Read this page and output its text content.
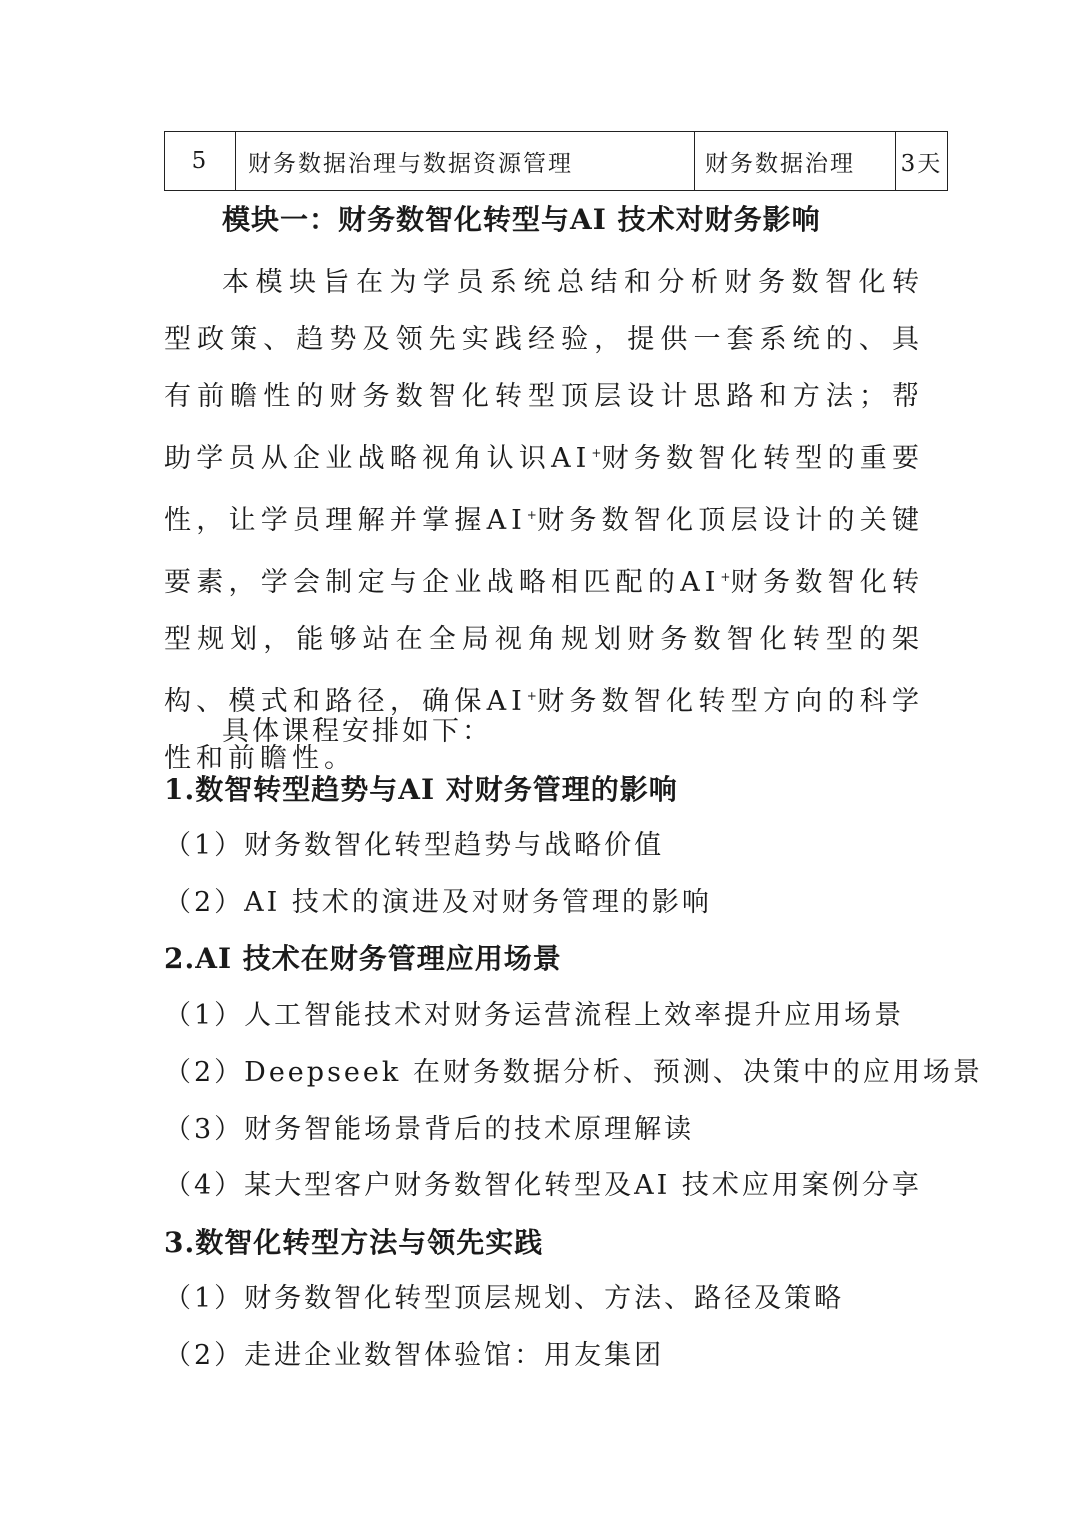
5	财务数据治理与数据资源管理	财务数据治理	3天
模块一：财务数智化转型与AI 技术对财务影响

本模块旨在为学员系统总结和分析财务数智化转型政策、趋势及领先实践经验，提供一套系统的、具有前瞻性的财务数智化转型顶层设计思路和方法；帮助学员从企业战略视角认识AI+财务数智化转型的重要性，让学员理解并掌握AI+财务数智化顶层设计的关键要素，学会制定与企业战略相匹配的AI+财务数智化转型规划，能够站在全局视角规划财务数智化转型的架构、模式和路径，确保AI+财务数智化转型方向的科学性和前瞻性。

具体课程安排如下：
1.数智转型趋势与AI 对财务管理的影响
（1）财务数智化转型趋势与战略价值
（2）AI 技术的演进及对财务管理的影响
2.AI 技术在财务管理应用场景
（1）人工智能技术对财务运营流程上效率提升应用场景
（2）Deepseek 在财务数据分析、预测、决策中的应用场景
（3）财务智能场景背后的技术原理解读
（4）某大型客户财务数智化转型及AI 技术应用案例分享
3.数智化转型方法与领先实践
（1）财务数智化转型顶层规划、方法、路径及策略
（2）走进企业数智体验馆：用友集团
